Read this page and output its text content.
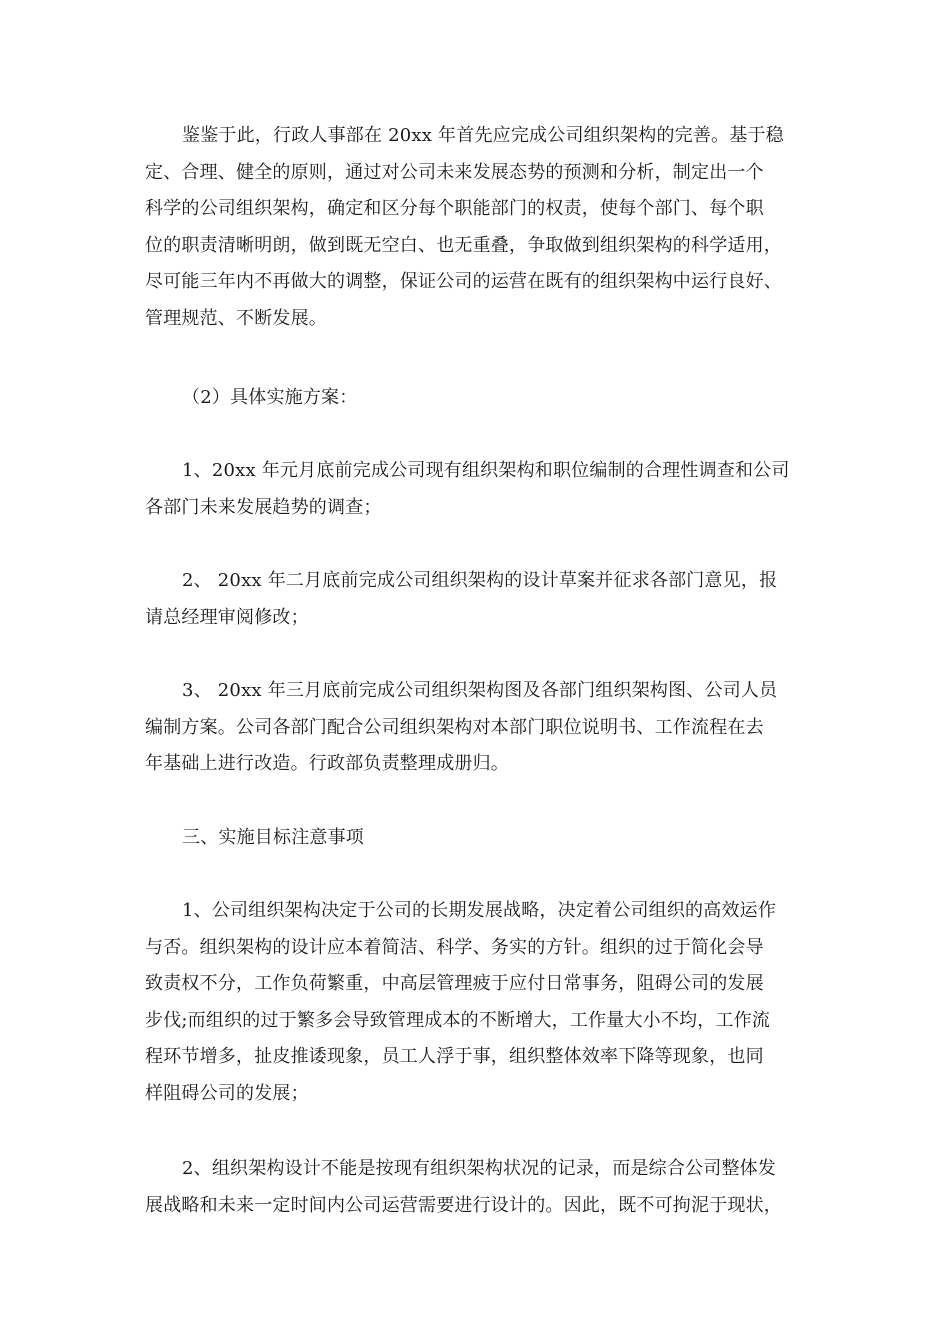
鉴鉴于此，行政人事部在 20xx 年首先应完成公司组织架构的完善。基于稳
定、合理、健全的原则，通过对公司未来发展态势的预测和分析，制定出一个
科学的公司组织架构，确定和区分每个职能部门的权责，使每个部门、每个职
位的职责清晰明朗，做到既无空白、也无重叠，争取做到组织架构的科学适用，
尽可能三年内不再做大的调整，保证公司的运营在既有的组织架构中运行良好、
管理规范、不断发展。
（2）具体实施方案：
1、20xx 年元月底前完成公司现有组织架构和职位编制的合理性调查和公司
各部门未来发展趋势的调查；
2、 20xx 年二月底前完成公司组织架构的设计草案并征求各部门意见，报
请总经理审阅修改；
3、 20xx 年三月底前完成公司组织架构图及各部门组织架构图、公司人员
编制方案。公司各部门配合公司组织架构对本部门职位说明书、工作流程在去
年基础上进行改造。行政部负责整理成册归。
三、实施目标注意事项
1、公司组织架构决定于公司的长期发展战略，决定着公司组织的高效运作
与否。组织架构的设计应本着简洁、科学、务实的方针。组织的过于简化会导
致责权不分，工作负荷繁重，中高层管理疲于应付日常事务，阻碍公司的发展
步伐;而组织的过于繁多会导致管理成本的不断增大，工作量大小不均，工作流
程环节增多，扯皮推诿现象，员工人浮于事，组织整体效率下降等现象，也同
样阻碍公司的发展；
2、组织架构设计不能是按现有组织架构状况的记录，而是综合公司整体发
展战略和未来一定时间内公司运营需要进行设计的。因此，既不可拘泥于现状，
